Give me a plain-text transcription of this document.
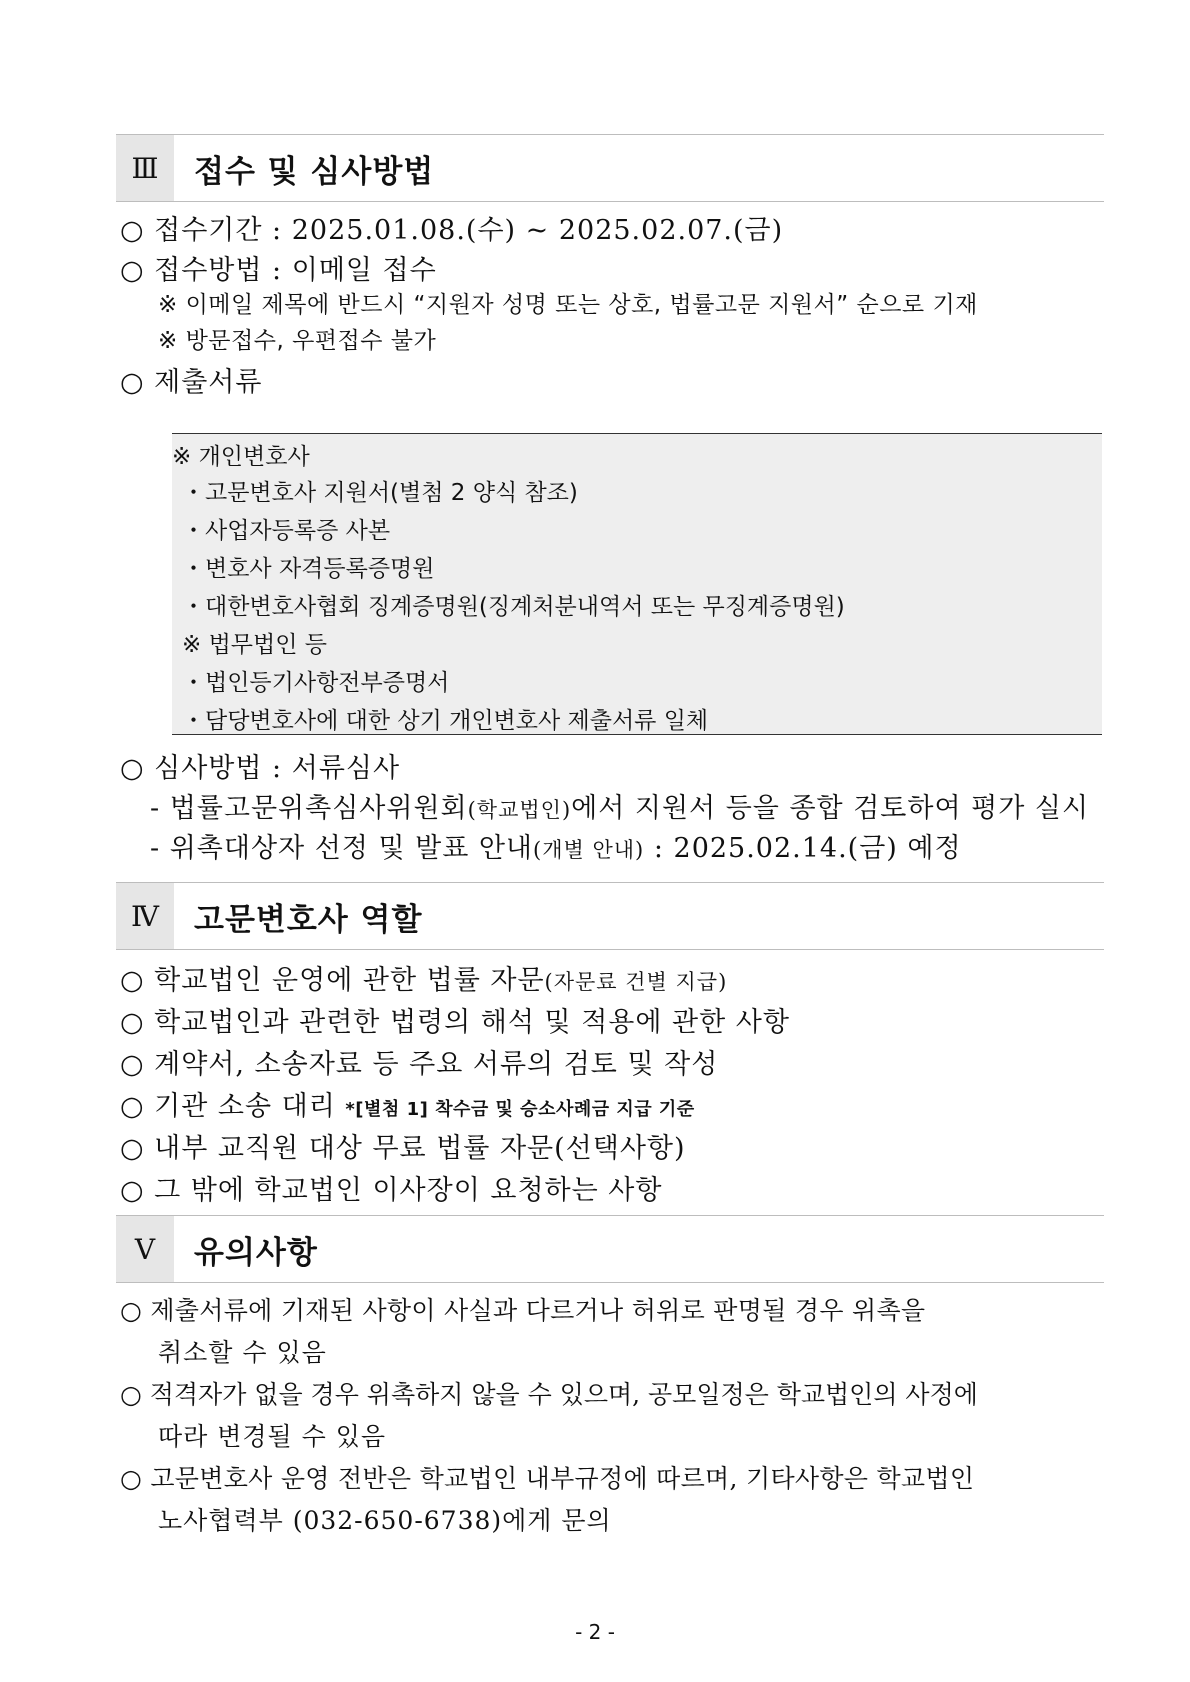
Ⅲ	접수 및 심사방법
○ 접수기간 : 2025.01.08.(수) ~ 2025.02.07.(금)
○ 접수방법 : 이메일 접수
※ 이메일 제목에 반드시 “지원자 성명 또는 상호, 법률고문 지원서” 순으로 기재
※ 방문접수, 우편접수 불가
○ 제출서류
※ 개인변호사
・고문변호사 지원서(별첨 2 양식 참조)
・사업자등록증 사본
・변호사 자격등록증명원
・대한변호사협회 징계증명원(징계처분내역서 또는 무징계증명원)
※ 법무법인 등
・법인등기사항전부증명서
・담당변호사에 대한 상기 개인변호사 제출서류 일체
○ 심사방법 : 서류심사
- 법률고문위촉심사위원회(학교법인)에서 지원서 등을 종합 검토하여 평가 실시
- 위촉대상자 선정 및 발표 안내(개별 안내) : 2025.02.14.(금) 예정
Ⅳ	고문변호사 역할
○ 학교법인 운영에 관한 법률 자문(자문료 건별 지급)
○ 학교법인과 관련한 법령의 해석 및 적용에 관한 사항
○ 계약서, 소송자료 등 주요 서류의 검토 및 작성
○ 기관 소송 대리 *[별첨 1] 착수금 및 승소사례금 지급 기준
○ 내부 교직원 대상 무료 법률 자문(선택사항)
○ 그 밖에 학교법인 이사장이 요청하는 사항
Ⅴ	유의사항
○ 제출서류에 기재된 사항이 사실과 다르거나 허위로 판명될 경우 위촉을
취소할 수 있음
○ 적격자가 없을 경우 위촉하지 않을 수 있으며, 공모일정은 학교법인의 사정에
따라 변경될 수 있음
○ 고문변호사 운영 전반은 학교법인 내부규정에 따르며, 기타사항은 학교법인
노사협력부 (032-650-6738)에게 문의
- 2 -
